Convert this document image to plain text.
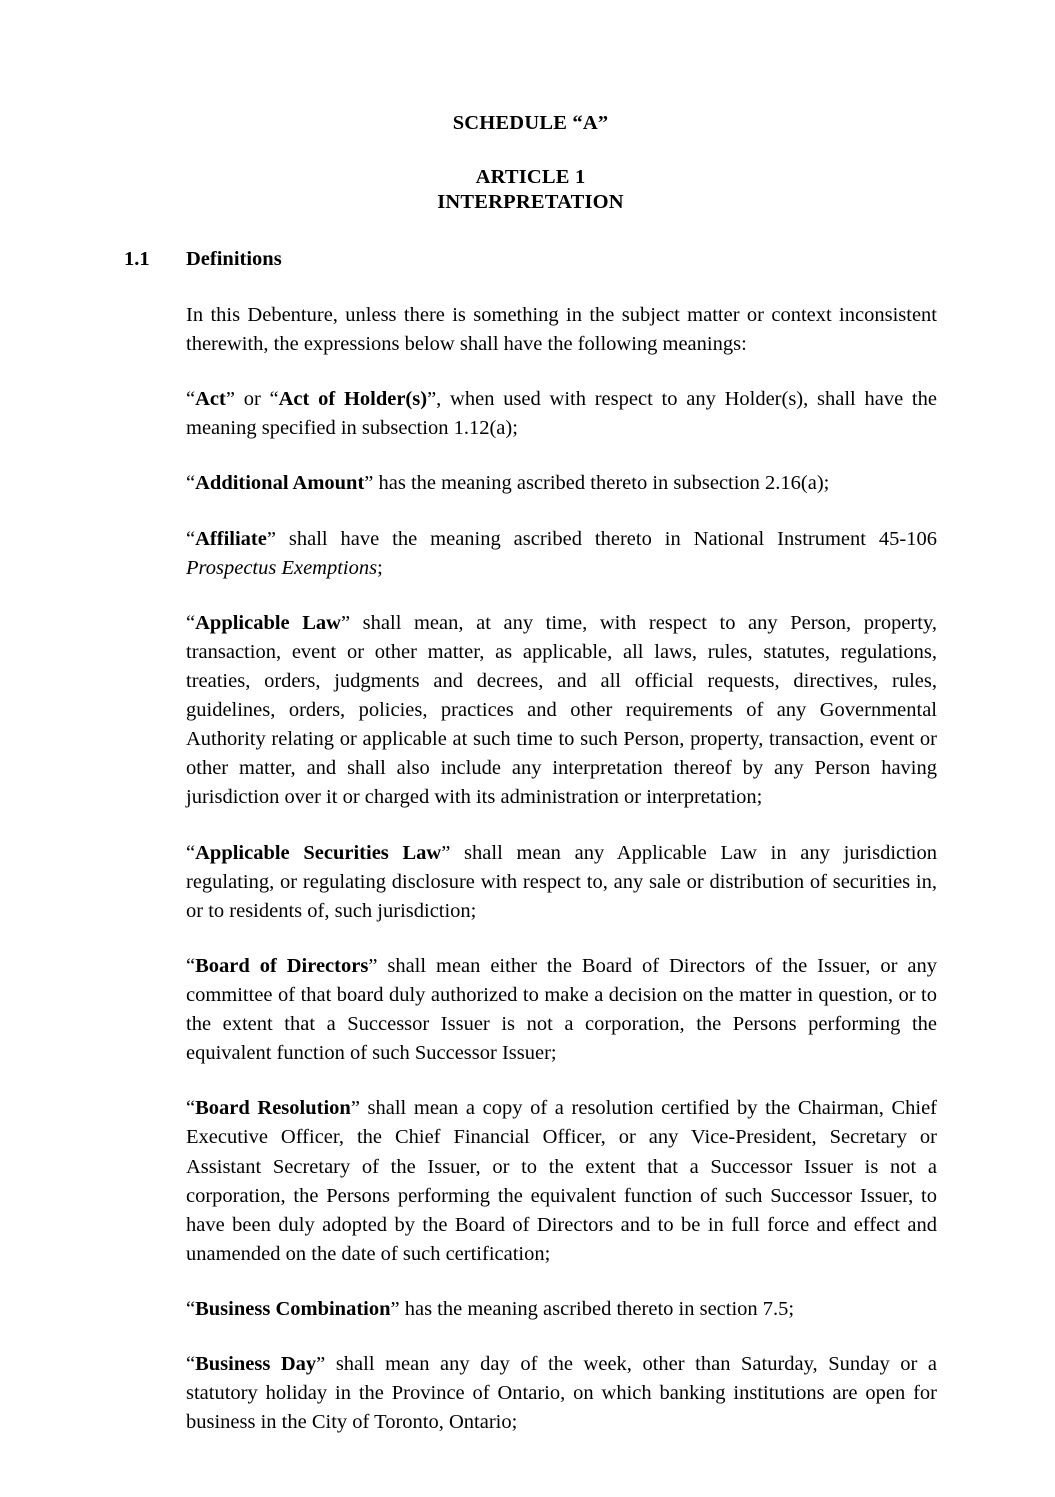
SCHEDULE “A”
ARTICLE 1
INTERPRETATION
1.1	Definitions

In this Debenture, unless there is something in the subject matter or context inconsistent therewith, the expressions below shall have the following meanings:

“Act” or “Act of Holder(s)”, when used with respect to any Holder(s), shall have the meaning specified in subsection 1.12(a);

“Additional Amount” has the meaning ascribed thereto in subsection 2.16(a);

“Affiliate” shall have the meaning ascribed thereto in National Instrument 45-106 Prospectus Exemptions;

“Applicable Law” shall mean, at any time, with respect to any Person, property, transaction, event or other matter, as applicable, all laws, rules, statutes, regulations, treaties, orders, judgments and decrees, and all official requests, directives, rules, guidelines, orders, policies, practices and other requirements of any Governmental Authority relating or applicable at such time to such Person, property, transaction, event or other matter, and shall also include any interpretation thereof by any Person having jurisdiction over it or charged with its administration or interpretation;

“Applicable Securities Law” shall mean any Applicable Law in any jurisdiction regulating, or regulating disclosure with respect to, any sale or distribution of securities in, or to residents of, such jurisdiction;

“Board of Directors” shall mean either the Board of Directors of the Issuer, or any committee of that board duly authorized to make a decision on the matter in question, or to the extent that a Successor Issuer is not a corporation, the Persons performing the equivalent function of such Successor Issuer;

“Board Resolution” shall mean a copy of a resolution certified by the Chairman, Chief Executive Officer, the Chief Financial Officer, or any Vice-President, Secretary or Assistant Secretary of the Issuer, or to the extent that a Successor Issuer is not a corporation, the Persons performing the equivalent function of such Successor Issuer, to have been duly adopted by the Board of Directors and to be in full force and effect and unamended on the date of such certification;

“Business Combination” has the meaning ascribed thereto in section 7.5;

“Business Day” shall mean any day of the week, other than Saturday, Sunday or a statutory holiday in the Province of Ontario, on which banking institutions are open for business in the City of Toronto, Ontario;
